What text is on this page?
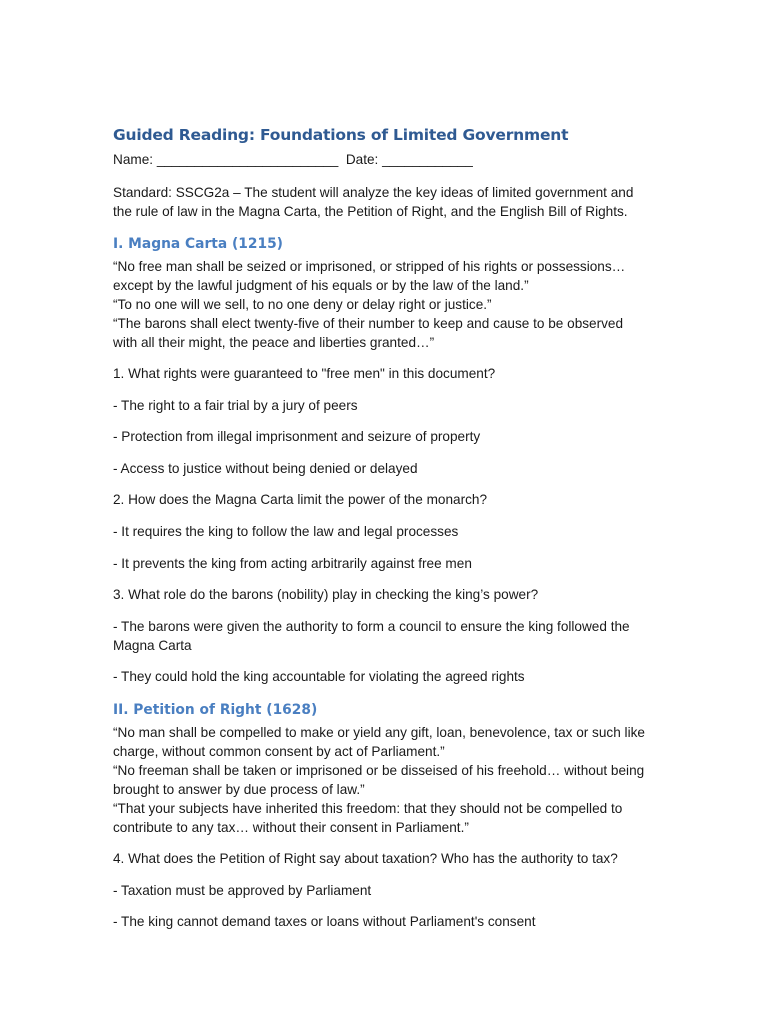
Guided Reading: Foundations of Limited Government

Name: ________________________  Date: ____________

Standard: SSCG2a – The student will analyze the key ideas of limited government and

the rule of law in the Magna Carta, the Petition of Right, and the English Bill of Rights.

I. Magna Carta (1215)

“No free man shall be seized or imprisoned, or stripped of his rights or possessions…

except by the lawful judgment of his equals or by the law of the land.”

“To no one will we sell, to no one deny or delay right or justice.”

“The barons shall elect twenty-five of their number to keep and cause to be observed

with all their might, the peace and liberties granted…”

1. What rights were guaranteed to "free men" in this document?

- The right to a fair trial by a jury of peers

- Protection from illegal imprisonment and seizure of property

- Access to justice without being denied or delayed

2. How does the Magna Carta limit the power of the monarch?

- It requires the king to follow the law and legal processes

- It prevents the king from acting arbitrarily against free men

3. What role do the barons (nobility) play in checking the king’s power?

- The barons were given the authority to form a council to ensure the king followed the

Magna Carta

- They could hold the king accountable for violating the agreed rights

II. Petition of Right (1628)

“No man shall be compelled to make or yield any gift, loan, benevolence, tax or such like

charge, without common consent by act of Parliament.”

“No freeman shall be taken or imprisoned or be disseised of his freehold… without being

brought to answer by due process of law.”

“That your subjects have inherited this freedom: that they should not be compelled to

contribute to any tax… without their consent in Parliament.”

4. What does the Petition of Right say about taxation? Who has the authority to tax?

- Taxation must be approved by Parliament

- The king cannot demand taxes or loans without Parliament's consent
